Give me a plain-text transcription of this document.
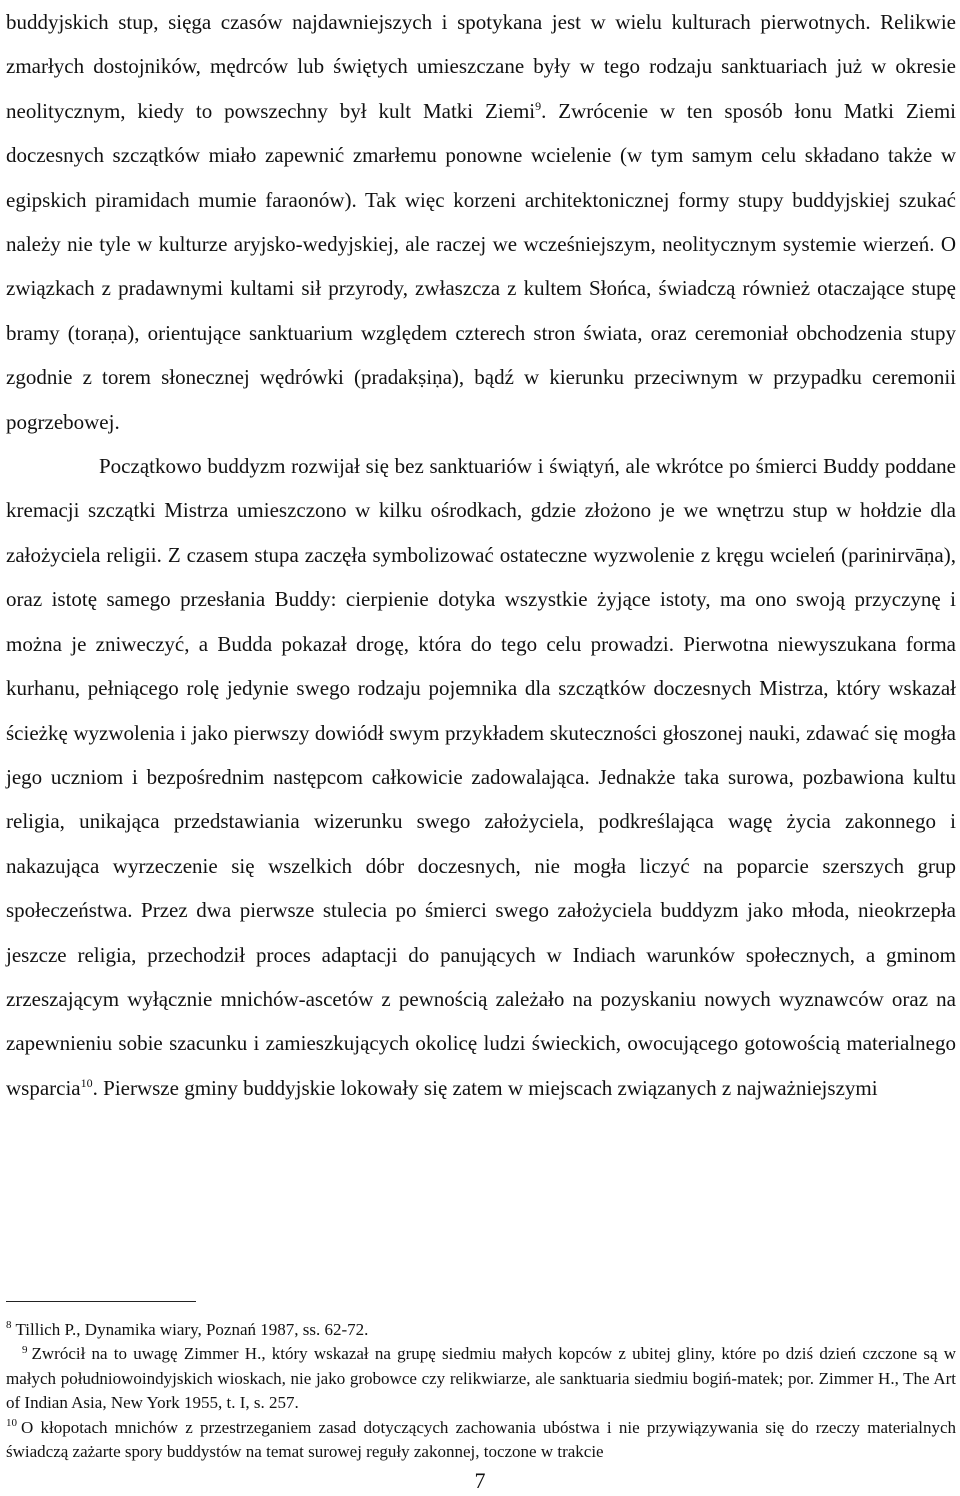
buddyjskich stup, sięga czasów najdawniejszych i spotykana jest w wielu kulturach pierwotnych. Relikwie zmarłych dostojników, mędrców lub świętych umieszczane były w tego rodzaju sanktuariach już w okresie neolitycznym, kiedy to powszechny był kult Matki Ziemi$^9$. Zwrócenie w ten sposób łonu Matki Ziemi doczesnych szczątków miało zapewnić zmarłemu ponowne wcielenie (w tym samym celu składano także w egipskich piramidach mumie faraonów). Tak więc korzeni architektonicznej formy stupy buddyjskiej szukać należy nie tyle w kulturze aryjsko-wedyjskiej, ale raczej we wcześniejszym, neolitycznym systemie wierzeń. O związkach z pradawnymi kultami sił przyrody, zwłaszcza z kultem Słońca, świadczą również otaczające stupę bramy (toraṇa), orientujące sanktuarium względem czterech stron świata, oraz ceremoniał obchodzenia stupy zgodnie z torem słonecznej wędrówki (pradakṣiṇa), bądź w kierunku przeciwnym w przypadku ceremonii pogrzebowej.

Początkowo buddyzm rozwijał się bez sanktuariów i świątyń, ale wkrótce po śmierci Buddy poddane kremacji szczątki Mistrza umieszczono w kilku ośrodkach, gdzie złożono je we wnętrzu stup w hołdzie dla założyciela religii. Z czasem stupa zaczęła symbolizować ostateczne wyzwolenie z kręgu wcieleń (parinirvāṇa), oraz istotę samego przesłania Buddy: cierpienie dotyka wszystkie żyjące istoty, ma ono swoją przyczynę i można je zniweczyć, a Budda pokazał drogę, która do tego celu prowadzi. Pierwotna niewyszukana forma kurhanu, pełniącego rolę jedynie swego rodzaju pojemnika dla szczątków doczesnych Mistrza, który wskazał ścieżkę wyzwolenia i jako pierwszy dowiódł swym przykładem skuteczności głoszonej nauki, zdawać się mogła jego uczniom i bezpośrednim następcom całkowicie zadowalająca. Jednakże taka surowa, pozbawiona kultu religia, unikająca przedstawiania wizerunku swego założyciela, podkreślająca wagę życia zakonnego i nakazująca wyrzeczenie się wszelkich dóbr doczesnych, nie mogła liczyć na poparcie szerszych grup społeczeństwa. Przez dwa pierwsze stulecia po śmierci swego założyciela buddyzm jako młoda, nieokrzepła jeszcze religia, przechodził proces adaptacji do panujących w Indiach warunków społecznych, a gminom zrzeszającym wyłącznie mnichów-ascetów z pewnością zależało na pozyskaniu nowych wyznawców oraz na zapewnieniu sobie szacunku i zamieszkujących okolicę ludzi świeckich, owocującego gotowością materialnego wsparcia$^{10}$. Pierwsze gminy buddyjskie lokowały się zatem w miejscach związanych z najważniejszymi

$^8$ Tillich P., Dynamika wiary, Poznań 1987, ss. 62-72.

$^9$ Zwrócił na to uwagę Zimmer H., który wskazał na grupę siedmiu małych kopców z ubitej gliny, które po dziś dzień czczone są w małych południowoindyjskich wioskach, nie jako grobowce czy relikwiarze, ale sanktuaria siedmiu bogiń-matek; por. Zimmer H., The Art of Indian Asia, New York 1955, t. I, s. 257.

$^{10}$ O kłopotach mnichów z przestrzeganiem zasad dotyczących zachowania ubóstwa i nie przywiązywania się do rzeczy materialnych świadczą zażarte spory buddystów na temat surowej reguły zakonnej, toczone w trakcie

7
